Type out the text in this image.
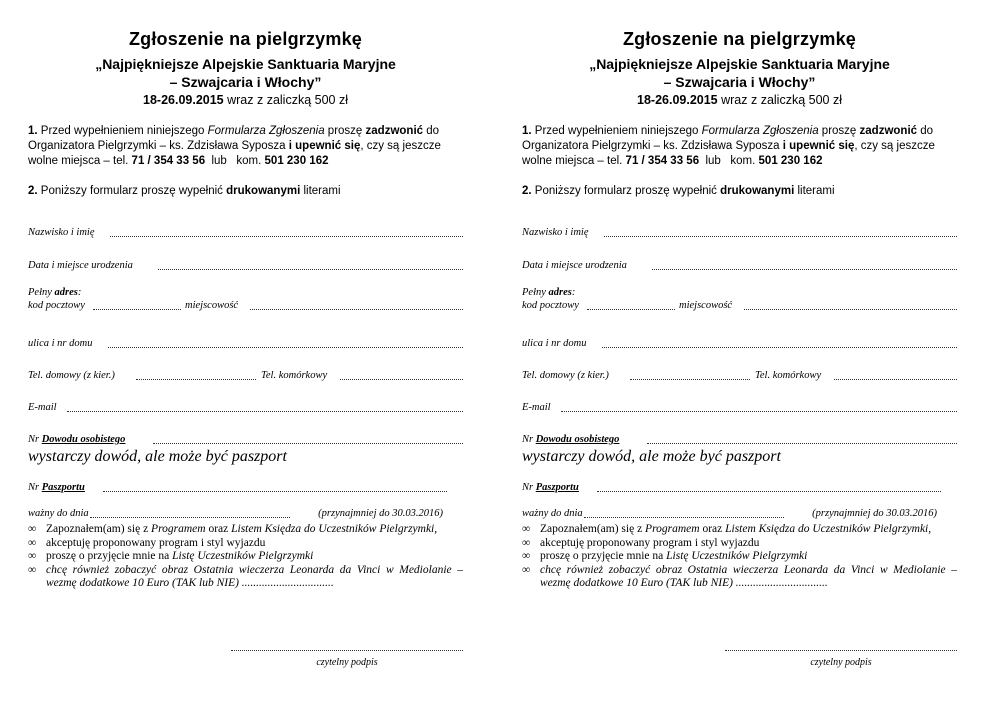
Zgłoszenie na pielgrzymkę
„Najpiękniejsze Alpejskie Sanktuaria Maryjne
– Szwajcaria i Włochy”
18-26.09.2015 wraz z zaliczką 500 zł
1. Przed wypełnieniem niniejszego Formularza Zgłoszenia proszę zadzwonić do
Organizatora Pielgrzymki – ks. Zdzisława Syposza i upewnić się, czy są jeszcze
wolne miejsca – tel. 71 / 354 33 56  lub   kom. 501 230 162
2. Poniższy formularz proszę wypełnić drukowanymi literami
Nazwisko i imię
Data i miejsce urodzenia
Pełny adres:
kod pocztowy	miejscowość
ulica i nr domu
Tel. domowy (z kier.)	Tel. komórkowy
E-mail
Nr Dowodu osobistego
wystarczy dowód, ale może być paszport
Nr Paszportu
ważny do dnia	(przynajmniej do 30.03.2016)
∞ Zapoznałem(am) się z Programem oraz Listem Księdza do Uczestników Pielgrzymki,
∞ akceptuję proponowany program i styl wyjazdu
∞ proszę o przyjęcie mnie na Listę Uczestników Pielgrzymki
∞ chcę również zobaczyć obraz Ostatnia wieczerza Leonarda da Vinci w Mediolanie – wezmę dodatkowe 10 Euro (TAK lub NIE) ................................
czytelny podpis
Zgłoszenie na pielgrzymkę
„Najpiękniejsze Alpejskie Sanktuaria Maryjne
– Szwajcaria i Włochy”
18-26.09.2015 wraz z zaliczką 500 zł
1. Przed wypełnieniem niniejszego Formularza Zgłoszenia proszę zadzwonić do
Organizatora Pielgrzymki – ks. Zdzisława Syposza i upewnić się, czy są jeszcze
wolne miejsca – tel. 71 / 354 33 56  lub   kom. 501 230 162
2. Poniższy formularz proszę wypełnić drukowanymi literami
Nazwisko i imię
Data i miejsce urodzenia
Pełny adres:
kod pocztowy	miejscowość
ulica i nr domu
Tel. domowy (z kier.)	Tel. komórkowy
E-mail
Nr Dowodu osobistego
wystarczy dowód, ale może być paszport
Nr Paszportu
ważny do dnia	(przynajmniej do 30.03.2016)
∞ Zapoznałem(am) się z Programem oraz Listem Księdza do Uczestników Pielgrzymki,
∞ akceptuję proponowany program i styl wyjazdu
∞ proszę o przyjęcie mnie na Listę Uczestników Pielgrzymki
∞ chcę również zobaczyć obraz Ostatnia wieczerza Leonarda da Vinci w Mediolanie – wezmę dodatkowe 10 Euro (TAK lub NIE) ................................
czytelny podpis
